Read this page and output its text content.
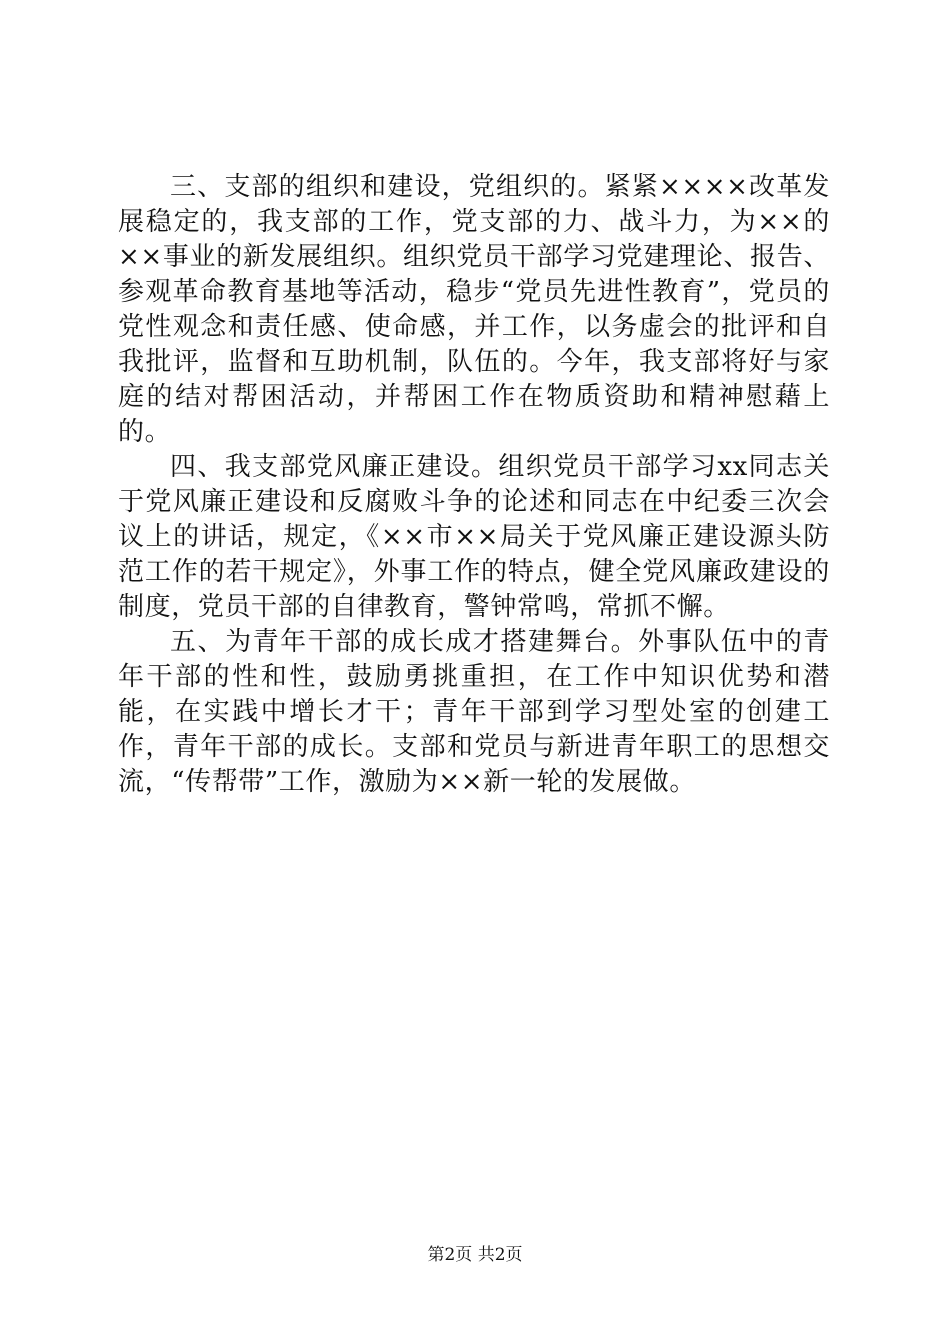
三、支部的组织和建设，党组织的。紧紧××××改革发展稳定的，我支部的工作，党支部的力、战斗力，为××的××事业的新发展组织。组织党员干部学习党建理论、报告、参观革命教育基地等活动，稳步“党员先进性教育”，党员的党性观念和责任感、使命感，并工作，以务虚会的批评和自我批评，监督和互助机制，队伍的。今年，我支部将好与家庭的结对帮困活动，并帮困工作在物质资助和精神慰藉上的。

四、我支部党风廉正建设。组织党员干部学习xx同志关于党风廉正建设和反腐败斗争的论述和同志在中纪委三次会议上的讲话，规定，《××市××局关于党风廉正建设源头防范工作的若干规定》，外事工作的特点，健全党风廉政建设的制度，党员干部的自律教育，警钟常鸣，常抓不懈。

五、为青年干部的成长成才搭建舞台。外事队伍中的青年干部的性和性，鼓励勇挑重担，在工作中知识优势和潜能，在实践中增长才干；青年干部到学习型处室的创建工作，青年干部的成长。支部和党员与新进青年职工的思想交流，“传帮带”工作，激励为××新一轮的发展做。

第2页 共2页
